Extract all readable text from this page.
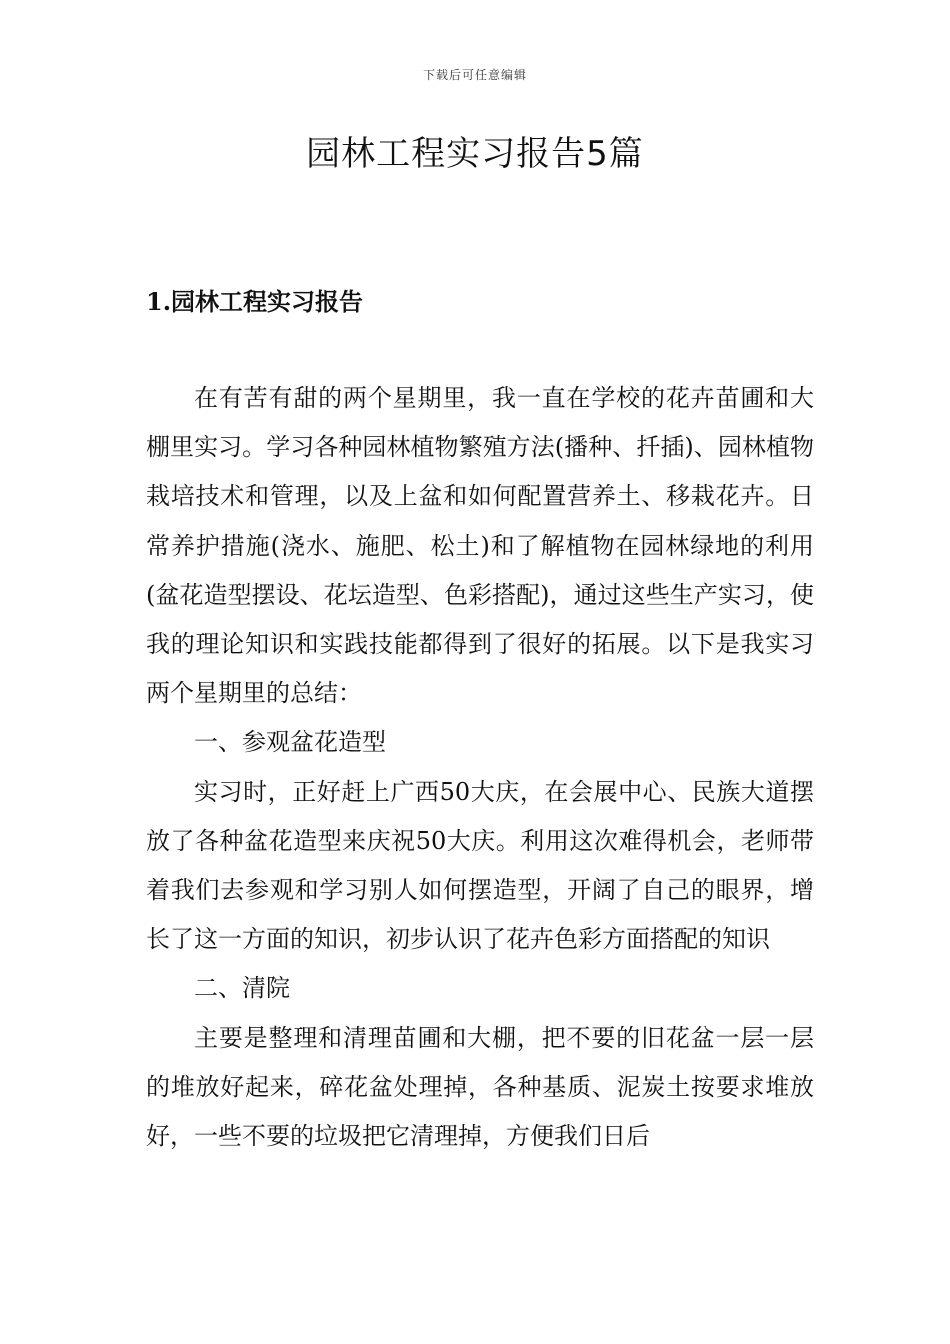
下载后可任意编辑
园林工程实习报告5篇
1.园林工程实习报告

在有苦有甜的两个星期里，我一直在学校的花卉苗圃和大棚里实习。学习各种园林植物繁殖方法(播种、扦插)、园林植物栽培技术和管理，以及上盆和如何配置营养土、移栽花卉。日常养护措施(浇水、施肥、松土)和了解植物在园林绿地的利用(盆花造型摆设、花坛造型、色彩搭配)，通过这些生产实习，使我的理论知识和实践技能都得到了很好的拓展。以下是我实习两个星期里的总结：

一、参观盆花造型

实习时，正好赶上广西50大庆，在会展中心、民族大道摆放了各种盆花造型来庆祝50大庆。利用这次难得机会，老师带着我们去参观和学习别人如何摆造型，开阔了自己的眼界，增长了这一方面的知识，初步认识了花卉色彩方面搭配的知识

二、清院

主要是整理和清理苗圃和大棚，把不要的旧花盆一层一层的堆放好起来，碎花盆处理掉，各种基质、泥炭土按要求堆放好，一些不要的垃圾把它清理掉，方便我们日后
